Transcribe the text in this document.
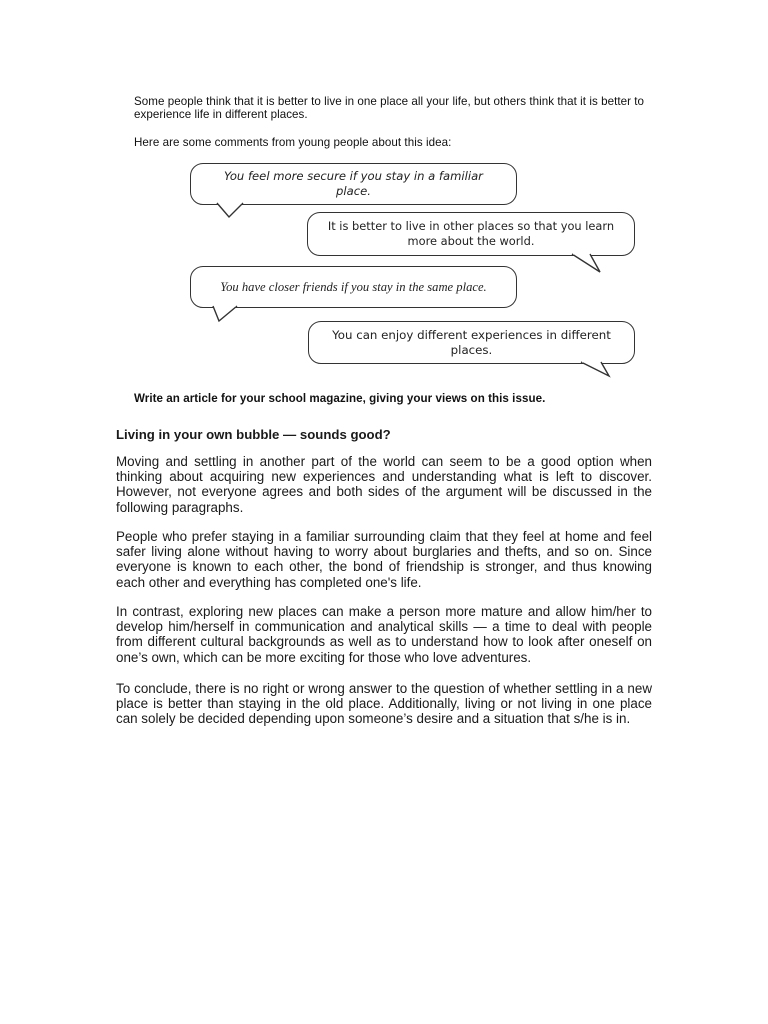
Some people think that it is better to live in one place all your life, but others think that it is better to experience life in different places.
Here are some comments from young people about this idea:
You feel more secure if you stay in a familiar place.
It is better to live in other places so that you learn more about the world.
You have closer friends if you stay in the same place.
You can enjoy different experiences in different places.
Write an article for your school magazine, giving your views on this issue.
Living in your own bubble — sounds good?
Moving and settling in another part of the world can seem to be a good option when thinking about acquiring new experiences and understanding what is left to discover. However, not everyone agrees and both sides of the argument will be discussed in the following paragraphs.
People who prefer staying in a familiar surrounding claim that they feel at home and feel safer living alone without having to worry about burglaries and thefts, and so on. Since everyone is known to each other, the bond of friendship is stronger, and thus knowing each other and everything has completed one's life.
In contrast, exploring new places can make a person more mature and allow him/her to develop him/herself in communication and analytical skills — a time to deal with people from different cultural backgrounds as well as to understand how to look after oneself on one’s own, which can be more exciting for those who love adventures.
To conclude, there is no right or wrong answer to the question of whether settling in a new place is better than staying in the old place. Additionally, living or not living in one place can solely be decided depending upon someone’s desire and a situation that s/he is in.
